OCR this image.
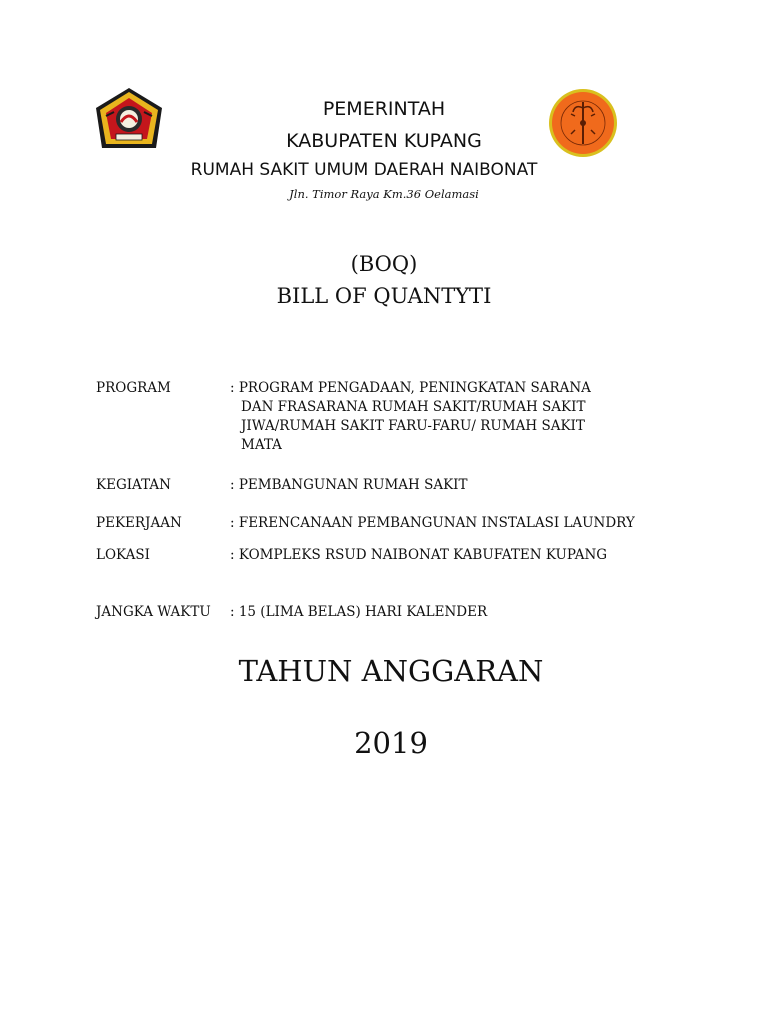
PEMERINTAH
KABUPATEN KUPANG
RUMAH SAKIT UMUM DAERAH NAIBONAT
Jln. Timor Raya Km.36 Oelamasi
(BOQ)
BILL OF QUANTYTI
PROGRAM	: PROGRAM PENGADAAN, PENINGKATAN SARANA
DAN FRASARANA RUMAH SAKIT/RUMAH SAKIT
JIWA/RUMAH SAKIT FARU-FARU/ RUMAH SAKIT
MATA
KEGIATAN	: PEMBANGUNAN RUMAH SAKIT
PEKERJAAN	: FERENCANAAN PEMBANGUNAN INSTALASI LAUNDRY
LOKASI	: KOMPLEKS RSUD NAIBONAT KABUFATEN KUPANG
JANGKA WAKTU : 15 (LIMA BELAS) HARI KALENDER
TAHUN ANGGARAN
2019
